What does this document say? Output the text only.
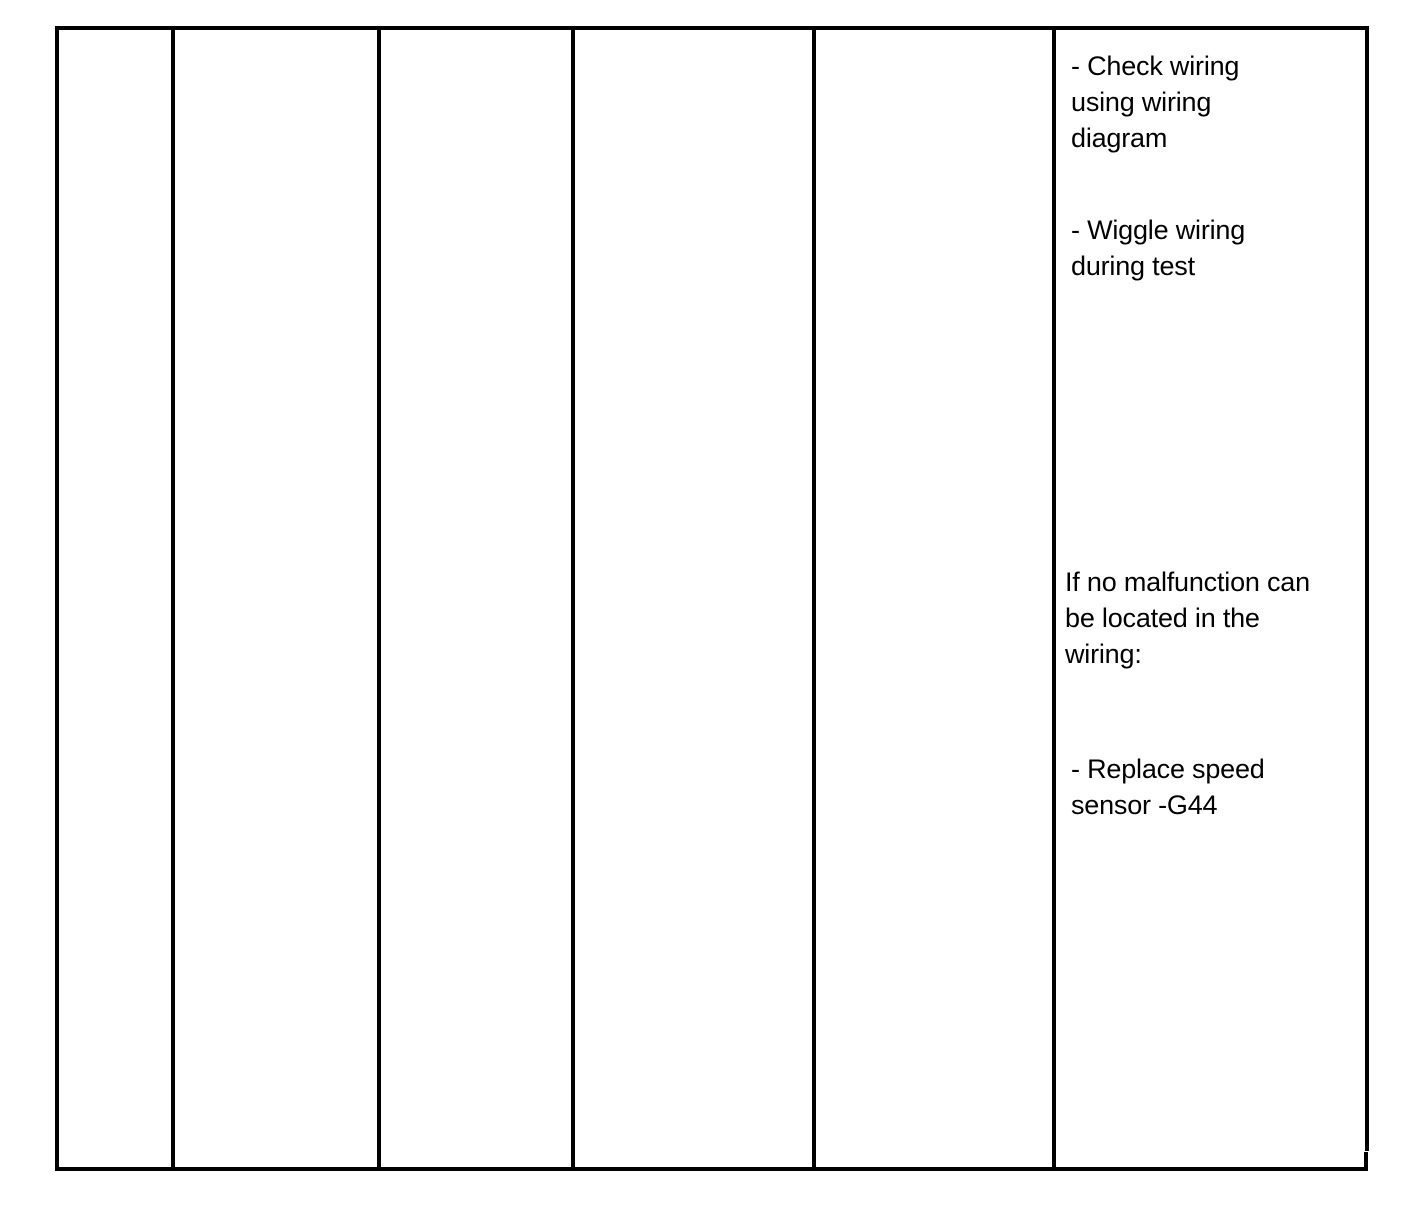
- Check wiring
using wiring
diagram
- Wiggle wiring
during test
If no malfunction can
be located in the
wiring:
- Replace speed
sensor -G44
